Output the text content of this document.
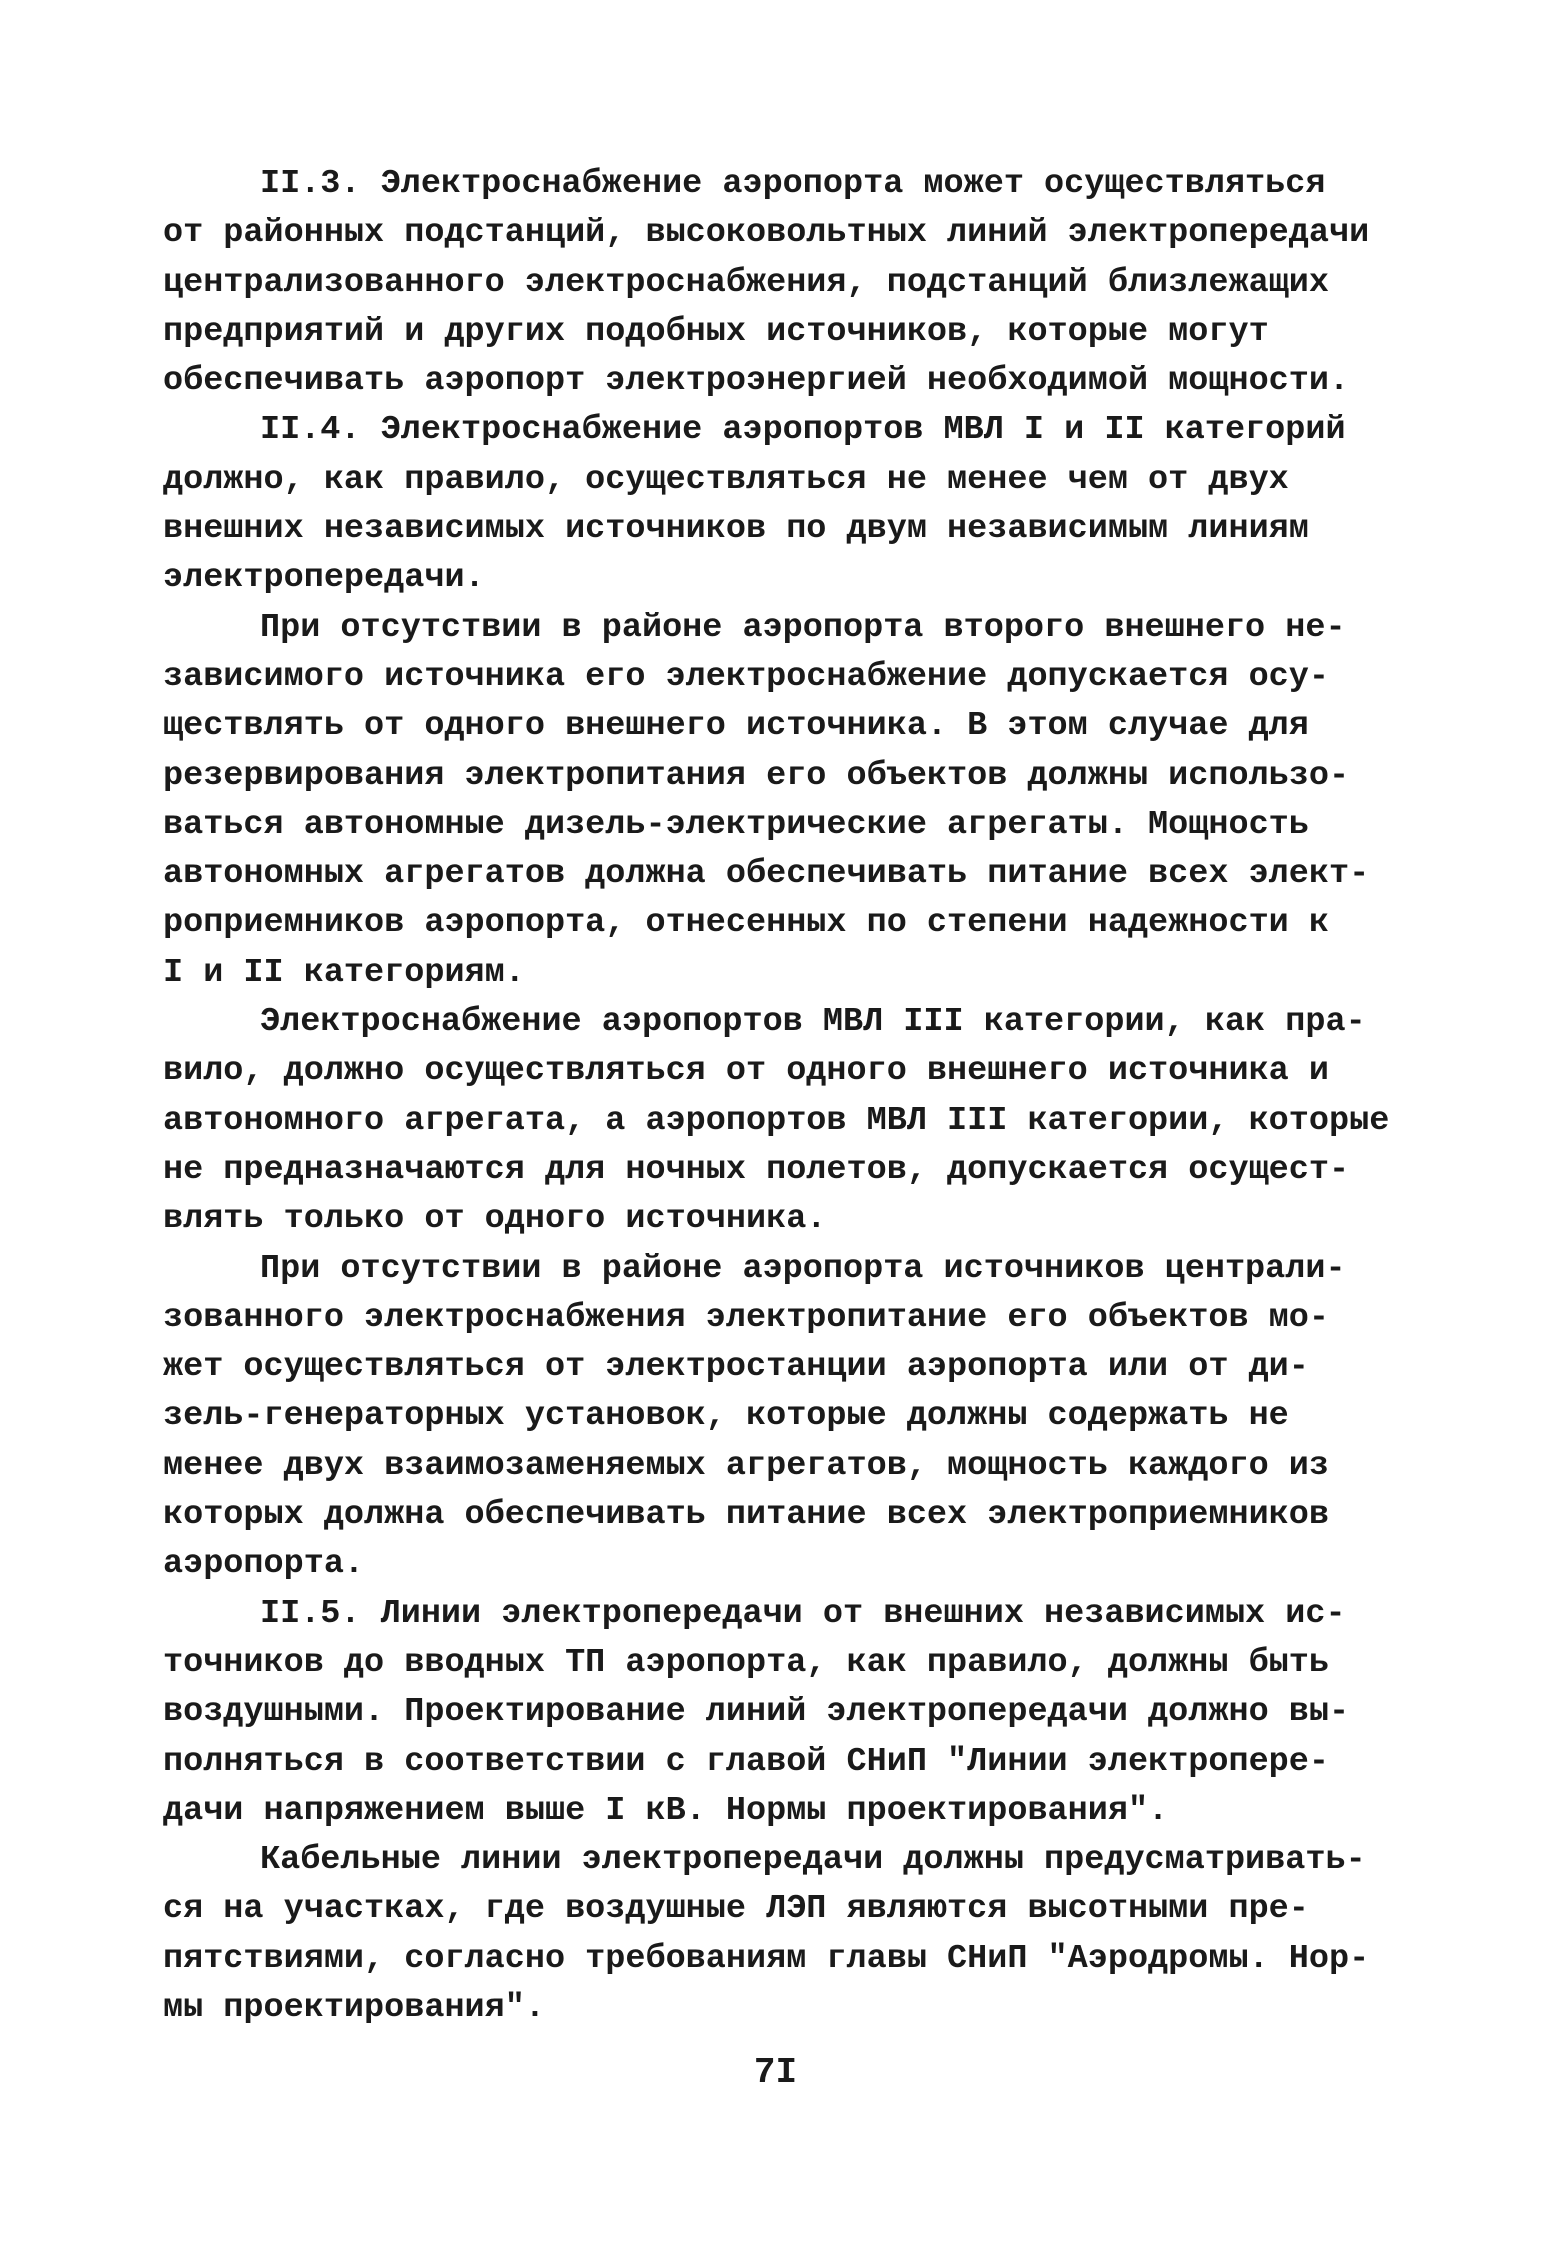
II.3. Электроснабжение аэропорта может осуществляться
от районных подстанций, высоковольтных линий электропередачи
централизованного электроснабжения, подстанций близлежащих
предприятий и других подобных источников, которые могут
обеспечивать аэропорт электроэнергией необходимой мощности.
II.4. Электроснабжение аэропортов МВЛ I и II категорий
должно, как правило, осуществляться не менее чем от двух
внешних независимых источников по двум независимым линиям
электропередачи.
При отсутствии в районе аэропорта второго внешнего не-
зависимого источника его электроснабжение допускается осу-
ществлять от одного внешнего источника. В этом случае для
резервирования электропитания его объектов должны использо-
ваться автономные дизель-электрические агрегаты. Мощность
автономных агрегатов должна обеспечивать питание всех элект-
роприемников аэропорта, отнесенных по степени надежности к
I и II категориям.
Электроснабжение аэропортов МВЛ III категории, как пра-
вило, должно осуществляться от одного внешнего источника и
автономного агрегата, а аэропортов МВЛ III категории, которые
не предназначаются для ночных полетов, допускается осущест-
влять только от одного источника.
При отсутствии в районе аэропорта источников централи-
зованного электроснабжения электропитание его объектов мо-
жет осуществляться от электростанции аэропорта или от ди-
зель-генераторных установок, которые должны содержать не
менее двух взаимозаменяемых агрегатов, мощность каждого из
которых должна обеспечивать питание всех электроприемников
аэропорта.
II.5. Линии электропередачи от внешних независимых ис-
точников до вводных ТП аэропорта, как правило, должны быть
воздушными. Проектирование линий электропередачи должно вы-
полняться в соответствии с главой СНиП "Линии электропере-
дачи напряжением выше I кВ. Нормы проектирования".
Кабельные линии электропередачи должны предусматривать-
ся на участках, где воздушные ЛЭП являются высотными пре-
пятствиями, согласно требованиям главы СНиП "Аэродромы. Нор-
мы проектирования".
7I
